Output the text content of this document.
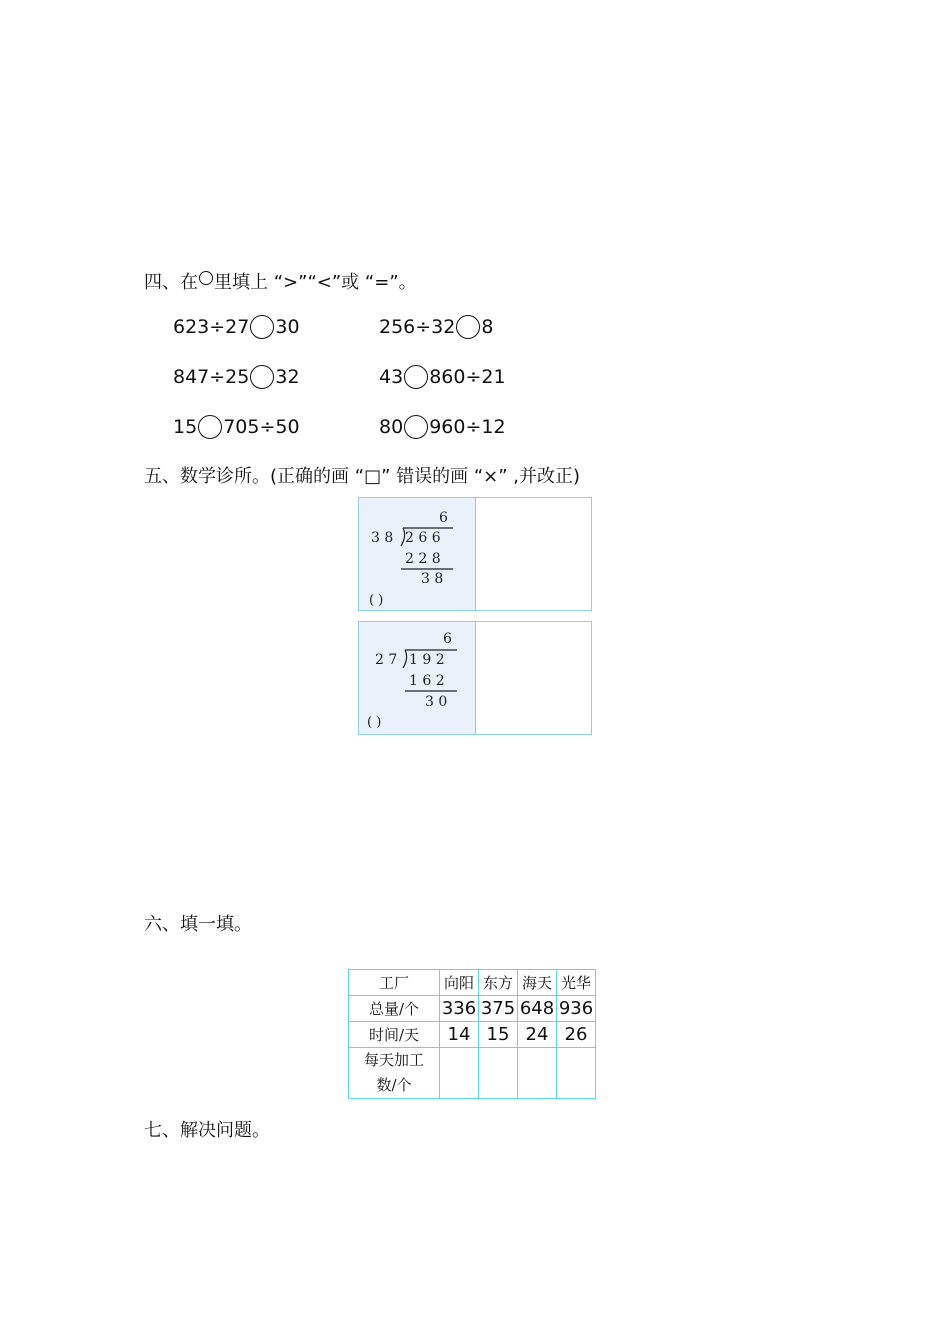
四、在 里填上 “>”“<”或 “=”。
623÷27 30	256÷32 8
847÷25 32	43 860÷21
15 705÷50	80 960÷12
五、数学诊所。(正确的画 “□” 错误的画 “×” ,并改正)
6
3 8 2 6 6
2 2 8
3 8
( )
6
2 7 1 9 2
1 6 2
3 0
( )
六、填一填。
工厂	向阳	东方	海天	光华
总量/个	336	375	648	936
时间/天	14	15	24	26

每天加工
数/个				

七、解决问题。
